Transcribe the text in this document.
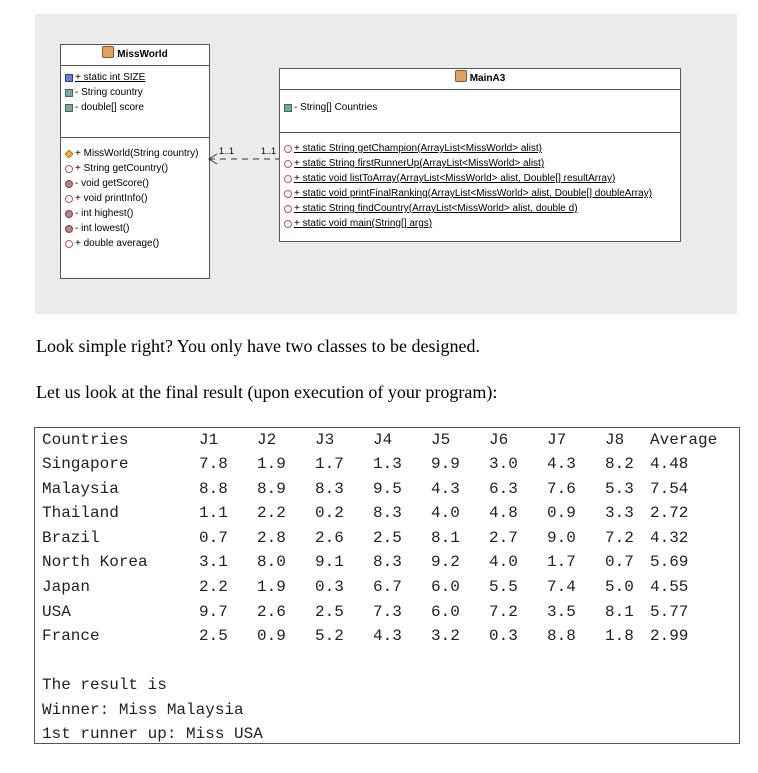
MissWorld
+ static int SIZE
- String country
- double[] score
+ MissWorld(String country)
+ String getCountry()
- void getScore()
+ void printInfo()
- int highest()
- int lowest()
+ double average()
MainA3
- String[] Countries
+ static String getChampion(ArrayList<MissWorld> alist)
+ static String firstRunnerUp(ArrayList<MissWorld> alist)
+ static void listToArray(ArrayList<MissWorld> alist, Double[] resultArray)
+ static void printFinalRanking(ArrayList<MissWorld> alist, Double[] doubleArray)
+ static String findCountry(ArrayList<MissWorld> alist, double d)
+ static void main(String[] args)
1..1	1..1
Look simple right? You only have two classes to be designed.
Let us look at the final result (upon execution of your program):
Countries	J1 J2 J3 J4 J5 J6 J7 J8 Average
Singapore	7.8 1.9 1.7 1.3 9.9 3.0 4.3 8.2 4.48
Malaysia	8.8 8.9 8.3 9.5 4.3 6.3 7.6 5.3 7.54
Thailand	1.1 2.2 0.2 8.3 4.0 4.8 0.9 3.3 2.72
Brazil	0.7 2.8 2.6 2.5 8.1 2.7 9.0 7.2 4.32
North Korea	3.1 8.0 9.1 8.3 9.2 4.0 1.7 0.7 5.69
Japan	2.2 1.9 0.3 6.7 6.0 5.5 7.4 5.0 4.55
USA	9.7 2.6 2.5 7.3 6.0 7.2 3.5 8.1 5.77
France	2.5 0.9 5.2 4.3 3.2 0.3 8.8 1.8 2.99
The result is
Winner: Miss Malaysia
1st runner up: Miss USA
